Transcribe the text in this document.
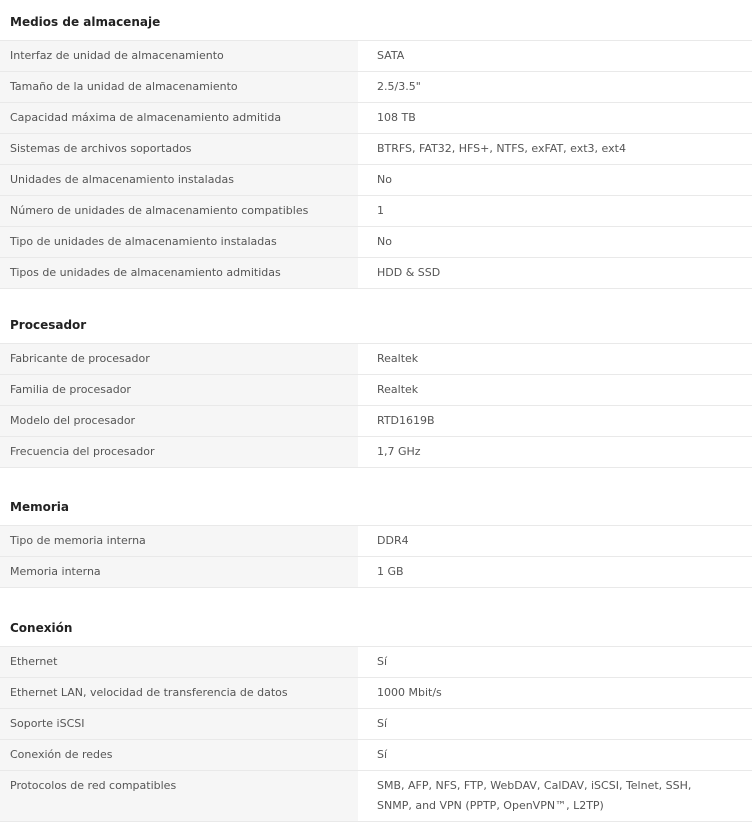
Medios de almacenaje
Interfaz de unidad de almacenamiento	SATA
Tamaño de la unidad de almacenamiento	2.5/3.5"
Capacidad máxima de almacenamiento admitida	108 TB
Sistemas de archivos soportados	BTRFS, FAT32, HFS+, NTFS, exFAT, ext3, ext4
Unidades de almacenamiento instaladas	No
Número de unidades de almacenamiento compatibles	1
Tipo de unidades de almacenamiento instaladas	No
Tipos de unidades de almacenamiento admitidas	HDD & SSD
Procesador
Fabricante de procesador	Realtek
Familia de procesador	Realtek
Modelo del procesador	RTD1619B
Frecuencia del procesador	1,7 GHz
Memoria
Tipo de memoria interna	DDR4
Memoria interna	1 GB
Conexión
Ethernet	Sí
Ethernet LAN, velocidad de transferencia de datos	1000 Mbit/s
Soporte iSCSI	Sí
Conexión de redes	Sí
Protocolos de red compatibles	SMB, AFP, NFS, FTP, WebDAV, CalDAV, iSCSI, Telnet, SSH, SNMP, and VPN (PPTP, OpenVPN™, L2TP)
